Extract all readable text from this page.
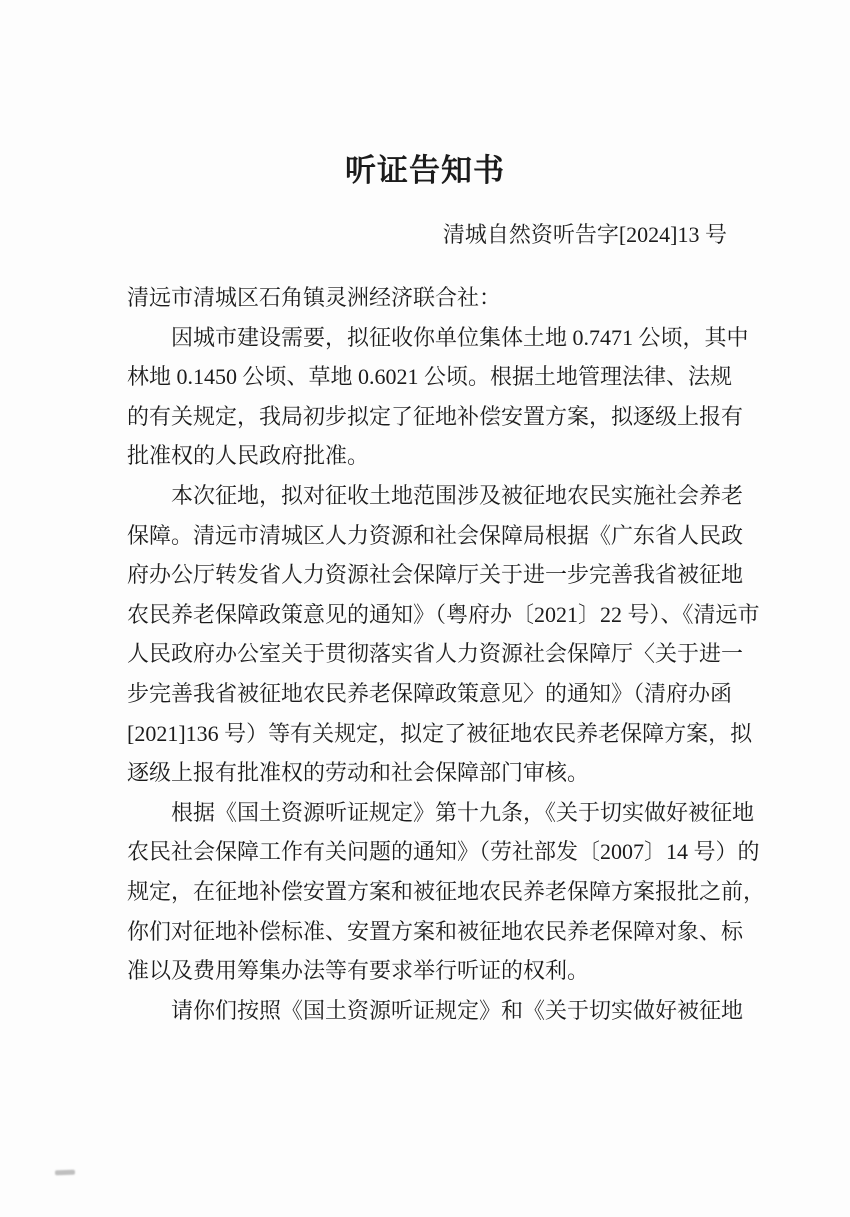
听证告知书
清城自然资听告字[2024]13 号
清远市清城区石角镇灵洲经济联合社：
　　因城市建设需要，拟征收你单位集体土地 0.7471 公顷，其中
林地 0.1450 公顷、草地 0.6021 公顷。根据土地管理法律、法规
的有关规定，我局初步拟定了征地补偿安置方案，拟逐级上报有
批准权的人民政府批准。
　　本次征地，拟对征收土地范围涉及被征地农民实施社会养老
保障。清远市清城区人力资源和社会保障局根据《广东省人民政
府办公厅转发省人力资源社会保障厅关于进一步完善我省被征地
农民养老保障政策意见的通知》（粤府办〔2021〕22 号）、《清远市
人民政府办公室关于贯彻落实省人力资源社会保障厅〈关于进一
步完善我省被征地农民养老保障政策意见〉的通知》（清府办函
[2021]136 号）等有关规定，拟定了被征地农民养老保障方案，拟
逐级上报有批准权的劳动和社会保障部门审核。
　　根据《国土资源听证规定》第十九条，《关于切实做好被征地
农民社会保障工作有关问题的通知》（劳社部发〔2007〕14 号）的
规定，在征地补偿安置方案和被征地农民养老保障方案报批之前，
你们对征地补偿标准、安置方案和被征地农民养老保障对象、标
准以及费用筹集办法等有要求举行听证的权利。
　　请你们按照《国土资源听证规定》和《关于切实做好被征地
